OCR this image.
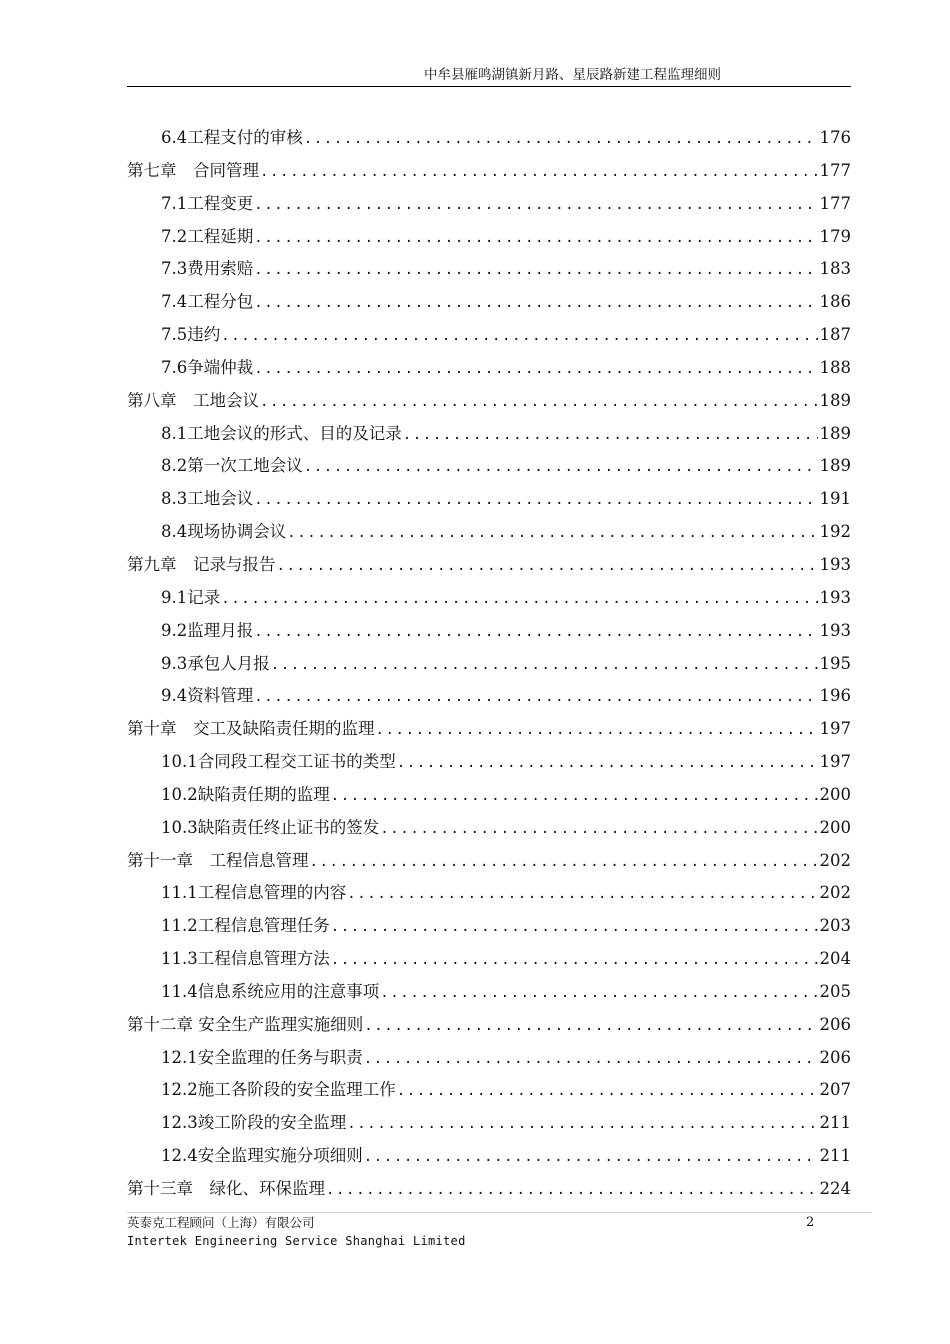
中牟县雁鸣湖镇新月路、星辰路新建工程监理细则
6.4工程支付的审核 .....	176
第七章　合同管理 .....	177
7.1工程变更 .....	177
7.2工程延期 .....	179
7.3费用索赔 .....	183
7.4工程分包 .....	186
7.5违约 .....	187
7.6争端仲裁 .....	188
第八章　工地会议 .....	189
8.1工地会议的形式、目的及记录 .....	189
8.2第一次工地会议 .....	189
8.3工地会议 .....	191
8.4现场协调会议 .....	192
第九章　记录与报告 .....	193
9.1记录 .....	193
9.2监理月报 .....	193
9.3承包人月报 .....	195
9.4资料管理 .....	196
第十章　交工及缺陷责任期的监理 .....	197
10.1合同段工程交工证书的类型 .....	197
10.2缺陷责任期的监理 .....	200
10.3缺陷责任终止证书的签发 .....	200
第十一章　工程信息管理 .....	202
11.1工程信息管理的内容 .....	202
11.2工程信息管理任务 .....	203
11.3工程信息管理方法 .....	204
11.4信息系统应用的注意事项 .....	205
第十二章 安全生产监理实施细则 .....	206
12.1安全监理的任务与职责 .....	206
12.2施工各阶段的安全监理工作 .....	207
12.3竣工阶段的安全监理 .....	211
12.4安全监理实施分项细则 .....	211
第十三章　绿化、环保监理 .....	224
英泰克工程顾问（上海）有限公司
Intertek Engineering Service Shanghai Limited
2
